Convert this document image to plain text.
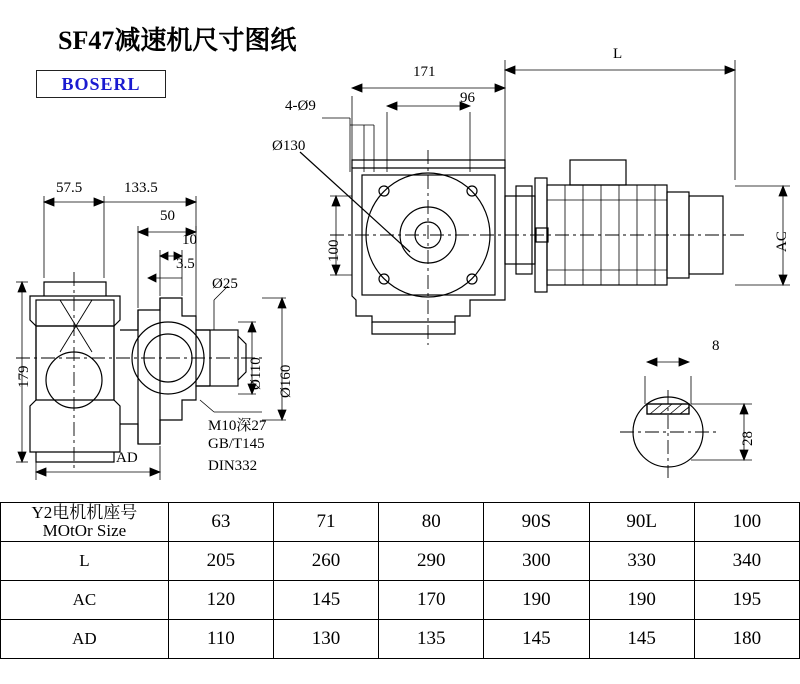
SF47减速机尺寸图纸
BOSERL
171
L
4-Ø9	96
Ø130
100	AC
57.5	133.5
50
10
3.5
179
AD
Ø25
Ø110 Ø160
M10深27
GB/T145
DIN332
8
28
Y2电机机座号
MOtOr Size	63	71	80	90S	90L	100
L	205	260	290	300	330	340
AC	120	145	170	190	190	195
AD	110	130	135	145	145	180
